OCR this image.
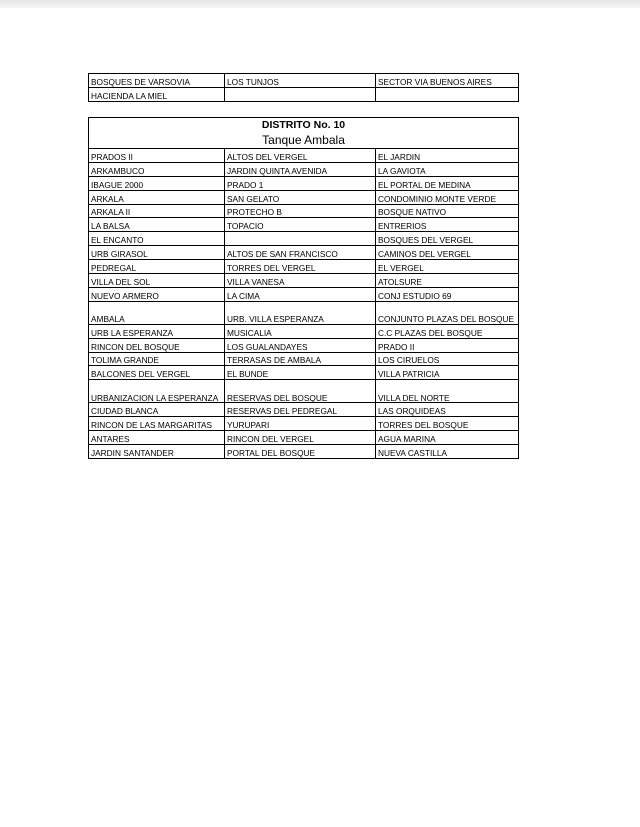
BOSQUES DE VARSOVIA	LOS TUNJOS	SECTOR VIA BUENOS AIRES
HACIENDA LA MIEL		
DISTRITO No. 10		
Tanque Ambala		
PRADOS II	ALTOS DEL VERGEL	EL JARDIN
ARKAMBUCO	JARDIN QUINTA AVENIDA	LA GAVIOTA
IBAGUE 2000	PRADO 1	EL PORTAL DE MEDINA
ARKALA	SAN GELATO	CONDOMINIO MONTE VERDE
ARKALA II	PROTECHO B	BOSQUE NATIVO
LA BALSA	TOPACIO	ENTRERIOS
EL ENCANTO		BOSQUES DEL VERGEL
URB GIRASOL	ALTOS DE SAN FRANCISCO	CAMINOS DEL VERGEL
PEDREGAL	TORRES DEL VERGEL	EL VERGEL
VILLA DEL SOL	VILLA VANESA	ATOLSURE
NUEVO ARMERO	LA CIMA	CONJ ESTUDIO 69
AMBALA	URB. VILLA ESPERANZA	CONJUNTO PLAZAS DEL BOSQUE
URB LA ESPERANZA	MUSICALIA	C.C PLAZAS DEL BOSQUE
RINCON DEL BOSQUE	LOS GUALANDAYES	PRADO II
TOLIMA GRANDE	TERRASAS DE AMBALA	LOS CIRUELOS
BALCONES DEL VERGEL	EL BUNDE	VILLA PATRICIA
URBANIZACION LA ESPERANZA	RESERVAS DEL BOSQUE	VILLA DEL NORTE
CIUDAD BLANCA	RESERVAS DEL PEDREGAL	LAS ORQUIDEAS
RINCON DE LAS MARGARITAS	YURUPARI	TORRES DEL BOSQUE
ANTARES	RINCON DEL VERGEL	AGUA MARINA
JARDIN SANTANDER	PORTAL DEL BOSQUE	NUEVA CASTILLA
